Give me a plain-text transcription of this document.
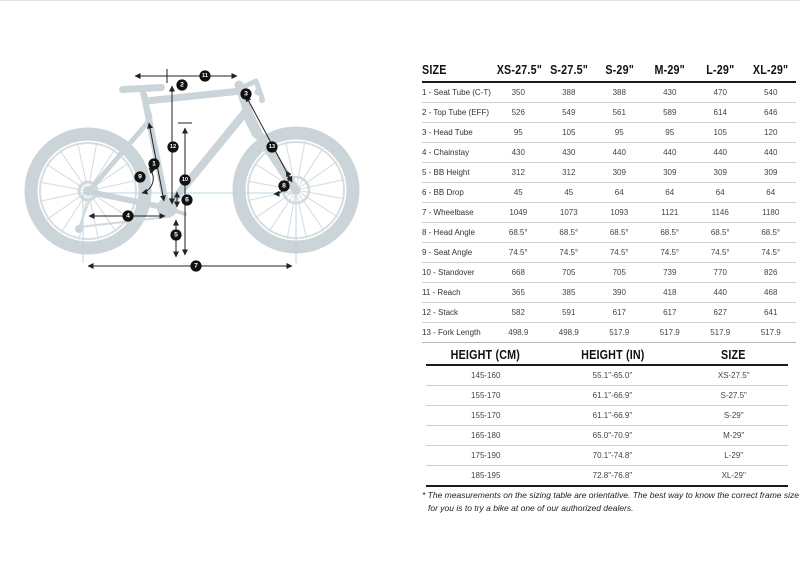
1
2
3
4
5
6
7
8
9	10
11
12	13
SIZE	XS-27.5"	S-27.5"	S-29"	M-29"	L-29"	XL-29"
1 - Seat Tube (C-T)	350	388	388	430	470	540
2 - Top Tube (EFF)	526	549	561	589	614	646
3 - Head Tube	95	105	95	95	105	120
4 - Chainstay	430	430	440	440	440	440
5 - BB Height	312	312	309	309	309	309
6 - BB Drop	45	45	64	64	64	64
7 - Wheelbase	1049	1073	1093	1121	1146	1180
8 - Head Angle	68.5°	68.5°	68.5°	68.5°	68.5°	68.5°
9 - Seat Angle	74.5°	74.5°	74.5°	74.5°	74.5°	74.5°
10 - Standover	668	705	705	739	770	826
11 - Reach	365	385	390	418	440	468
12 - Stack	582	591	617	617	627	641
13 - Fork Length	498.9	498.9	517.9	517.9	517.9	517.9
HEIGHT (CM)	HEIGHT (IN)	SIZE
145-160	55.1"-65.0"	XS-27.5"
155-170	61.1"-66.9"	S-27.5"
155-170	61.1"-66.9"	S-29"
165-180	65.0"-70.9"	M-29"
175-190	70.1"-74.8"	L-29"
185-195	72.8"-76.8"	XL-29"
* The measurements on the sizing table are orientative. The best way to know the correct frame size for you is to try a bike at one of our authorized dealers.
